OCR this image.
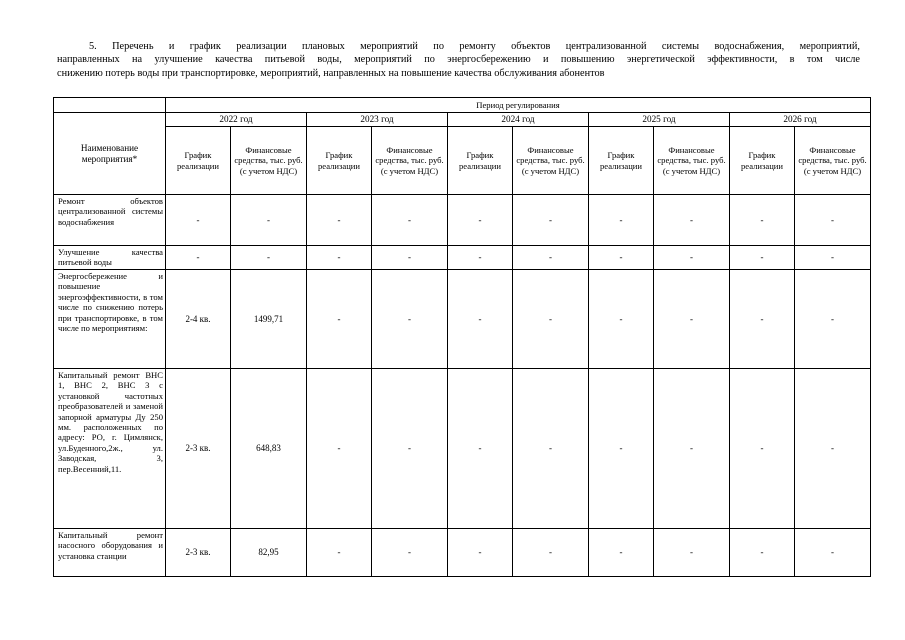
5. Перечень и график реализации плановых мероприятий по ремонту объектов централизованной системы водоснабжения, мероприятий,
направленных на улучшение качества питьевой воды, мероприятий по энергосбережению и повышению энергетической эффективности, в том числе
снижению потерь воды при транспортировке, мероприятий, направленных на повышение качества обслуживания абонентов
	Период регулирования									
Наименование мероприятия*	2022 год		2023 год		2024 год		2025 год		2026 год	
	График реализации	Финансовые средства, тыс. руб. (с учетом НДС)	График реализации	Финансовые средства, тыс. руб. (с учетом НДС)	График реализации	Финансовые средства, тыс. руб. (с учетом НДС)	График реализации	Финансовые средства, тыс. руб. (с учетом НДС)	График реализации	Финансовые средства, тыс. руб. (с учетом НДС)
Ремонт объектов централизованной системы водоснабжения	-	-	-	-	-	-	-	-	-	-
Улучшение качества питьевой воды	-	-	-	-	-	-	-	-	-	-
Энергосбережение и повышение энергоэффективности, в том числе по снижению потерь при транспортировке, в том числе по мероприятиям:	2-4 кв.	1499,71	-	-	-	-	-	-	-	-
Капитальный ремонт ВНС 1, ВНС 2, ВНС 3 с установкой частотных преобразователей и заменой запорной арматуры Ду 250 мм. расположенных по адресу: РО, г. Цимлянск, ул.Буденного,2ж., ул. Заводская, 3, пер.Весенний,11.	2-3 кв.	648,83	-	-	-	-	-	-	-	-
Капитальный ремонт насосного оборудования и установка станции	2-3 кв.	82,95	-	-	-	-	-	-	-	-
